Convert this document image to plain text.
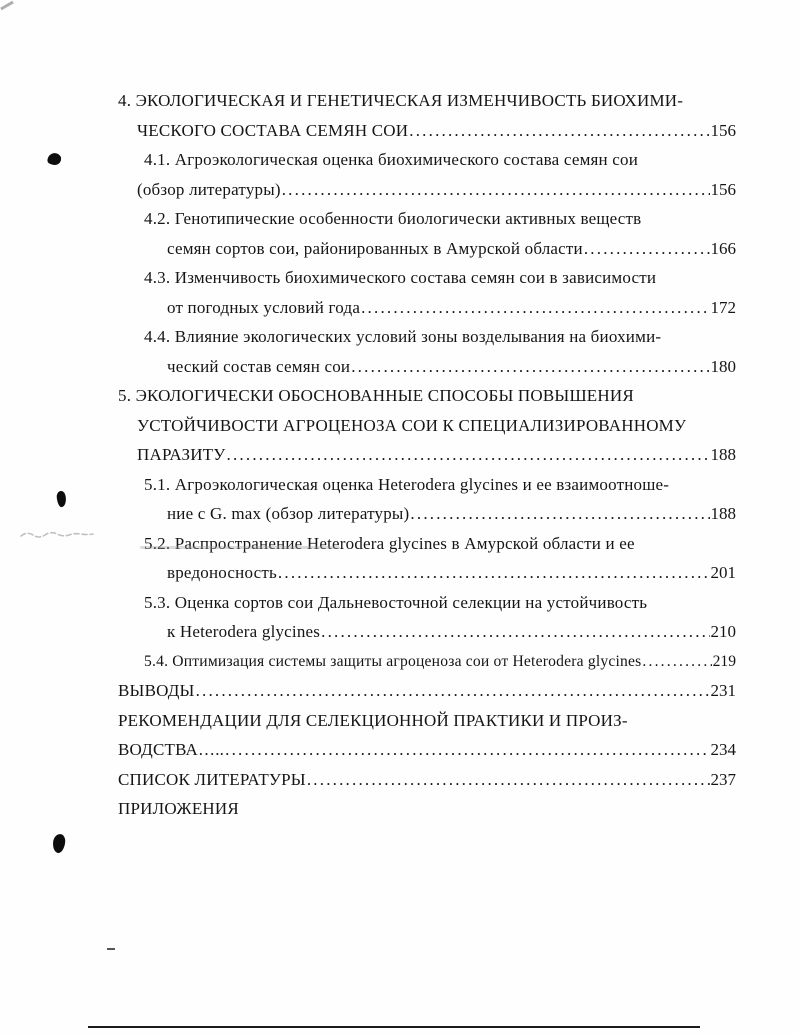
4. ЭКОЛОГИЧЕСКАЯ И ГЕНЕТИЧЕСКАЯ ИЗМЕНЧИВОСТЬ БИОХИМИ-
ЧЕСКОГО СОСТАВА СЕМЯН СОИ .....	156
4.1. Агроэкологическая оценка биохимического состава семян сои
(обзор литературы) .....	156
4.2. Генотипические особенности биологически активных веществ
семян сортов сои, районированных в Амурской области .....	166
4.3. Изменчивость биохимического состава семян сои в зависимости
от погодных условий года .....	172
4.4. Влияние экологических условий зоны возделывания на биохими-
ческий состав семян сои .....	180
5. ЭКОЛОГИЧЕСКИ ОБОСНОВАННЫЕ СПОСОБЫ ПОВЫШЕНИЯ
УСТОЙЧИВОСТИ АГРОЦЕНОЗА СОИ К СПЕЦИАЛИЗИРОВАННОМУ
ПАРАЗИТУ .....	188
5.1. Агроэкологическая оценка Heterodera glycines и ее взаимоотноше-
ние с G. max (обзор литературы) .....	188
5.2. Распространение Heterodera glycines в Амурской области и ее
вредоносность .....	201
5.3. Оценка сортов сои Дальневосточной селекции на устойчивость
к Heterodera glycines .....	210
5.4. Оптимизация системы защиты агроценоза сои от Heterodera glycines .....	219
ВЫВОДЫ .....	231
РЕКОМЕНДАЦИИ ДЛЯ СЕЛЕКЦИОННОЙ ПРАКТИКИ И ПРОИЗ-
ВОДСТВА….. .....	234
СПИСОК ЛИТЕРАТУРЫ .....	237
ПРИЛОЖЕНИЯ
